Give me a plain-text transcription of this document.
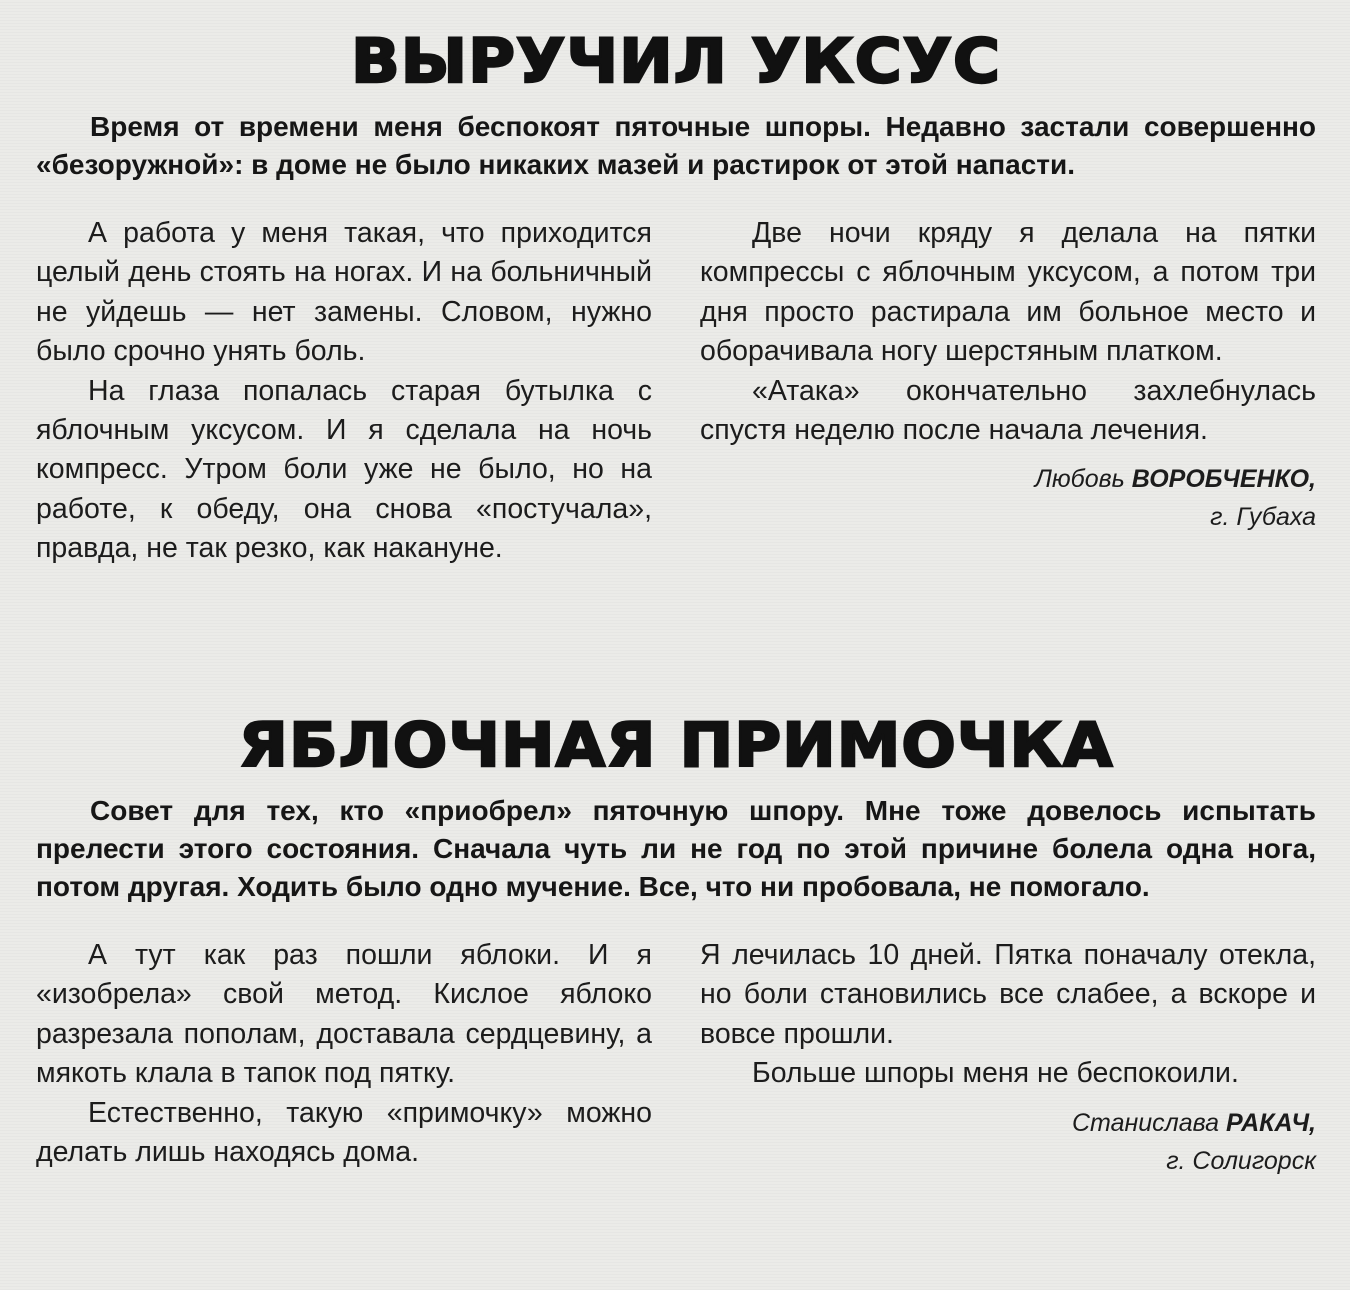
ВЫРУЧИЛ УКСУС

Время от времени меня беспокоят пяточные шпоры. Недавно застали совершенно «безоружной»: в доме не было никаких мазей и растирок от этой напасти.

А работа у меня такая, что приходится целый день стоять на ногах. И на больничный не уйдешь — нет замены. Словом, нужно было срочно унять боль.

На глаза попалась старая бутылка с яблочным уксусом. И я сделала на ночь компресс. Утром боли уже не было, но на работе, к обеду, она снова «постучала», правда, не так резко, как накануне.

Две ночи кряду я делала на пятки компрессы с яблочным уксусом, а потом три дня просто растирала им больное место и оборачивала ногу шерстяным платком.

«Атака» окончательно захлебнулась спустя неделю после начала лечения.

Любовь ВОРОБЧЕНКО,
г. Губаха
ЯБЛОЧНАЯ ПРИМОЧКА

Совет для тех, кто «приобрел» пяточную шпору. Мне тоже довелось испытать прелести этого состояния. Сначала чуть ли не год по этой причине болела одна нога, потом другая. Ходить было одно мучение. Все, что ни пробовала, не помогало.

А тут как раз пошли яблоки. И я «изобрела» свой метод. Кислое яблоко разрезала пополам, доставала сердцевину, а мякоть клала в тапок под пятку.

Естественно, такую «примочку» можно делать лишь находясь дома.

Я лечилась 10 дней. Пятка поначалу отекла, но боли становились все слабее, а вскоре и вовсе прошли.

Больше шпоры меня не беспокоили.

Станислава РАКАЧ,
г. Солигорск
